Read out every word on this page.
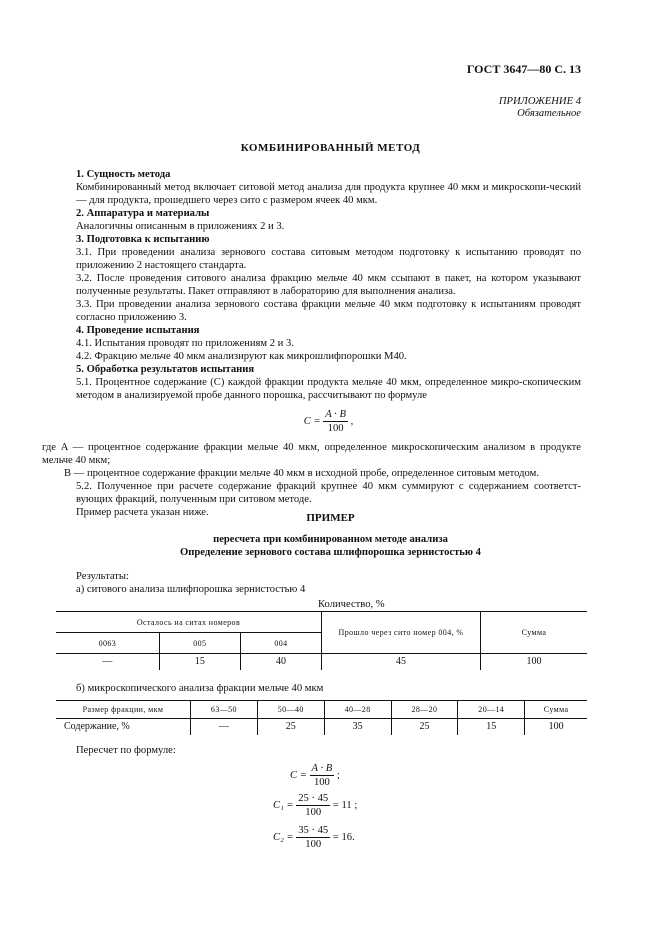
ГОСТ 3647—80 С. 13
ПРИЛОЖЕНИЕ 4
Обязательное
КОМБИНИРОВАННЫЙ МЕТОД

1. Сущность метода

Комбинированный метод включает ситовой метод анализа для продукта крупнее 40 мкм и микроскопи-ческий — для продукта, прошедшего через сито с размером ячеек 40 мкм.

2. Аппаратура и материалы

Аналогичны описанным в приложениях 2 и 3.

3. Подготовка к испытанию

3.1. При проведении анализа зернового состава ситовым методом подготовку к испытанию проводят по приложению 2 настоящего стандарта.

3.2. После проведения ситового анализа фракцию мельче 40 мкм ссыпают в пакет, на котором указывают полученные результаты. Пакет отправляют в лабораторию для выполнения анализа.

3.3. При проведении анализа зернового состава фракции мельче 40 мкм подготовку к испытаниям проводят согласно приложению 3.

4. Проведение испытания

4.1. Испытания проводят по приложениям 2 и 3.

4.2. Фракцию мельче 40 мкм анализируют как микрошлифпорошки М40.

5. Обработка результатов испытания

5.1. Процентное содержание (C) каждой фракции продукта мельче 40 мкм, определенное микро-скопическим методом в анализируемой пробе данного порошка, рассчитывают по формуле

$C = \frac{A \cdot B}{100}$ ,

где A — процентное содержание фракции мельче 40 мкм, определенное микроскопическим анализом в продукте мельче 40 мкм;

B — процентное содержание фракции мельче 40 мкм в исходной пробе, определенное ситовым методом.

5.2. Полученное при расчете содержание фракций крупнее 40 мкм суммируют с содержанием соответст-вующих фракций, полученным при ситовом методе.

Пример расчета указан ниже.	ПРИМЕР
пересчета при комбинированном методе анализа
Определение зернового состава шлифпорошка зернистостью 4
Результаты:
а) ситового анализа шлифпорошка зернистостью 4
Количество, %
Осталось на ситах номеров			Прошло через сито номер 004, %	Сумма
0063	005	004		
—	15	40	45	100
б) микроскопического анализа фракции мельче 40 мкм
Размер фракции, мкм	63—50	50—40	40—28	28—20	20—14	Сумма
Содержание, %	—	25	35	25	15	100
Пересчет по формуле:
$C = \frac{A \cdot B}{100}$ ;
$C_1 = \frac{25 \cdot 45}{100} = 11$ ;
$C_2 = \frac{35 \cdot 45}{100} = 16$.
